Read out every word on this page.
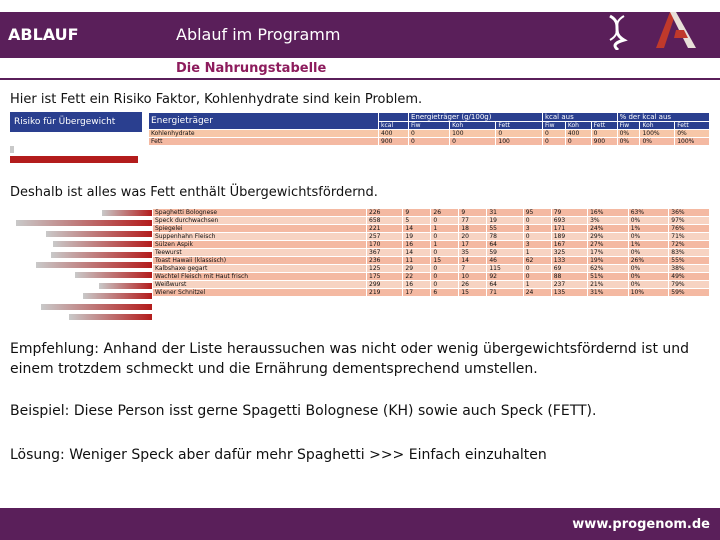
ABLAUF	Ablauf im Programm
Die Nahrungstabelle
Hier ist Fett ein Risiko Faktor, Kohlenhydrate sind kein Problem.
Risiko für Übergewicht	Energieträger		Energieträger (g/100g)			kcal aus			% der kcal aus		
	kcal	Fiw	Koh	Fett	Fiw	Koh	Fett	Fiw	Koh	Fett
Kohlenhydrate	400	0	100	0	0	400	0	0%	100%	0%
Fett	900	0	0	100	0	0	900	0%	0%	100%
Deshalb ist alles was Fett enthält Übergewichtsfördernd.
Spaghetti Bolognese	226	9	26	9	31	95	79	16%	63%	36%
Speck durchwachsen	658	5	0	77	19	0	693	3%	0%	97%
Spiegelei	221	14	1	18	55	3	171	24%	1%	76%
Suppenhahn Fleisch	257	19	0	20	78	0	189	29%	0%	71%
Sülzen Aspik	170	16	1	17	64	3	167	27%	1%	72%
Teewurst	367	14	0	35	59	1	325	17%	0%	83%
Toast Hawaii (klassisch)	236	11	15	14	46	62	133	19%	26%	55%
Kalbshaxe gegart	125	29	0	7	115	0	69	62%	0%	38%
Wachtel Fleisch mit Haut frisch	175	22	0	10	92	0	88	51%	0%	49%
Weißwurst	299	16	0	26	64	1	237	21%	0%	79%
Wiener Schnitzel	219	17	6	15	71	24	135	31%	10%	59%
Empfehlung: Anhand der Liste heraussuchen was nicht oder wenig übergewichtsfördernd ist und einem trotzdem schmeckt und die Ernährung dementsprechend umstellen.
Beispiel: Diese Person isst gerne Spagetti Bolognese (KH) sowie auch Speck (FETT).
Lösung: Weniger Speck aber dafür mehr Spaghetti >>> Einfach einzuhalten
www.progenom.de
